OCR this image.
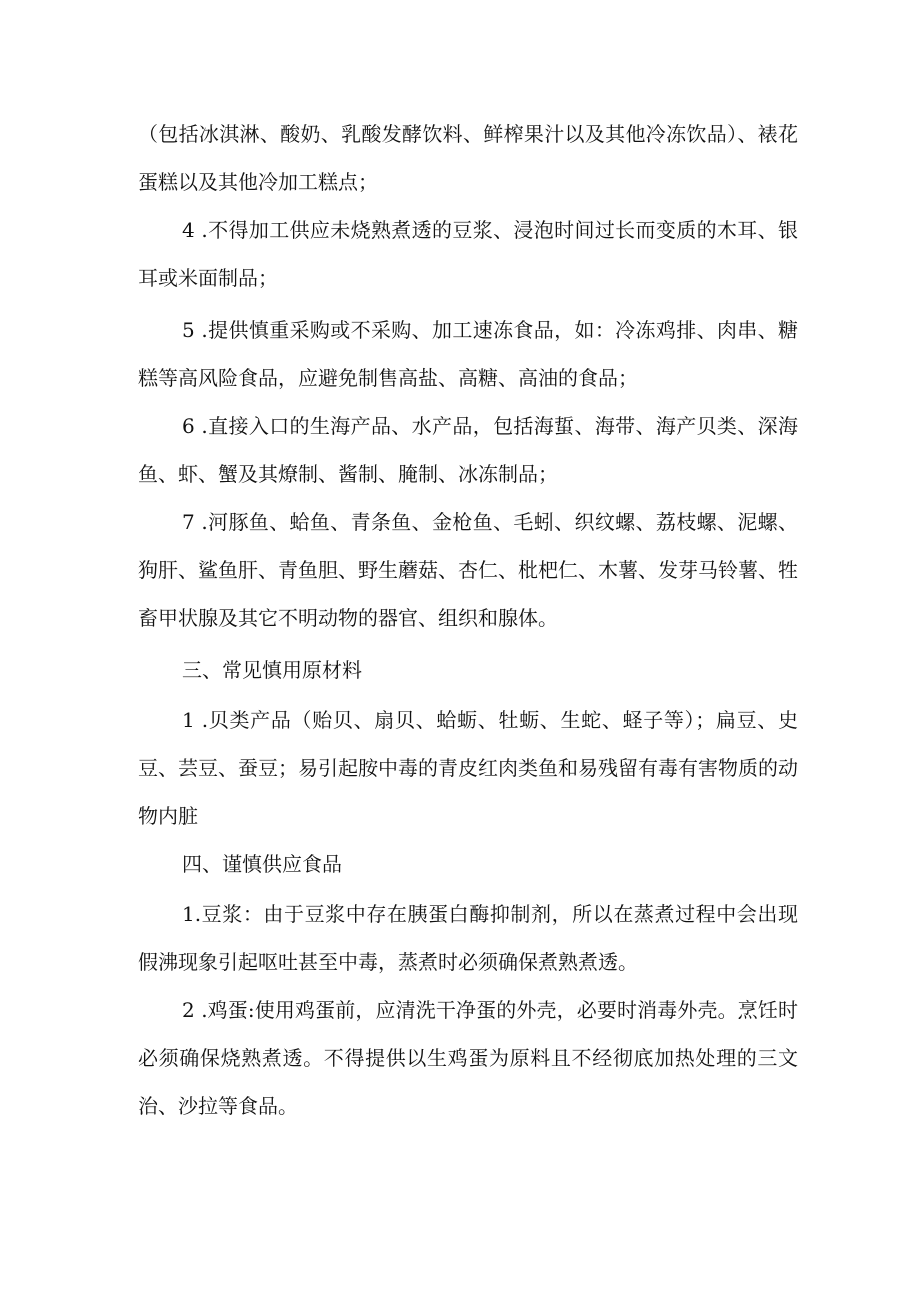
（包括冰淇淋、酸奶、乳酸发酵饮料、鲜榨果汁以及其他冷冻饮品）、裱花蛋糕以及其他冷加工糕点；

4 .不得加工供应未烧熟煮透的豆浆、浸泡时间过长而变质的木耳、银耳或米面制品；

5 .提供慎重采购或不采购、加工速冻食品，如：冷冻鸡排、肉串、糖糕等高风险食品，应避免制售高盐、高糖、高油的食品；

6 .直接入口的生海产品、水产品，包括海蜇、海带、海产贝类、深海鱼、虾、蟹及其燎制、酱制、腌制、冰冻制品；

7 .河豚鱼、蛤鱼、青条鱼、金枪鱼、毛蚓、织纹螺、荔枝螺、泥螺、狗肝、鲨鱼肝、青鱼胆、野生蘑菇、杏仁、枇杷仁、木薯、发芽马铃薯、牲畜甲状腺及其它不明动物的器官、组织和腺体。

三、常见慎用原材料

1 .贝类产品（贻贝、扇贝、蛤蛎、牡蛎、生蛇、蛏子等）；扁豆、史豆、芸豆、蚕豆；易引起胺中毒的青皮红肉类鱼和易残留有毒有害物质的动物内脏

四、谨慎供应食品

1.豆浆：由于豆浆中存在胰蛋白酶抑制剂，所以在蒸煮过程中会出现假沸现象引起呕吐甚至中毒，蒸煮时必须确保煮熟煮透。

2 .鸡蛋:使用鸡蛋前，应清洗干净蛋的外壳，必要时消毒外壳。烹饪时必须确保烧熟煮透。不得提供以生鸡蛋为原料且不经彻底加热处理的三文治、沙拉等食品。
